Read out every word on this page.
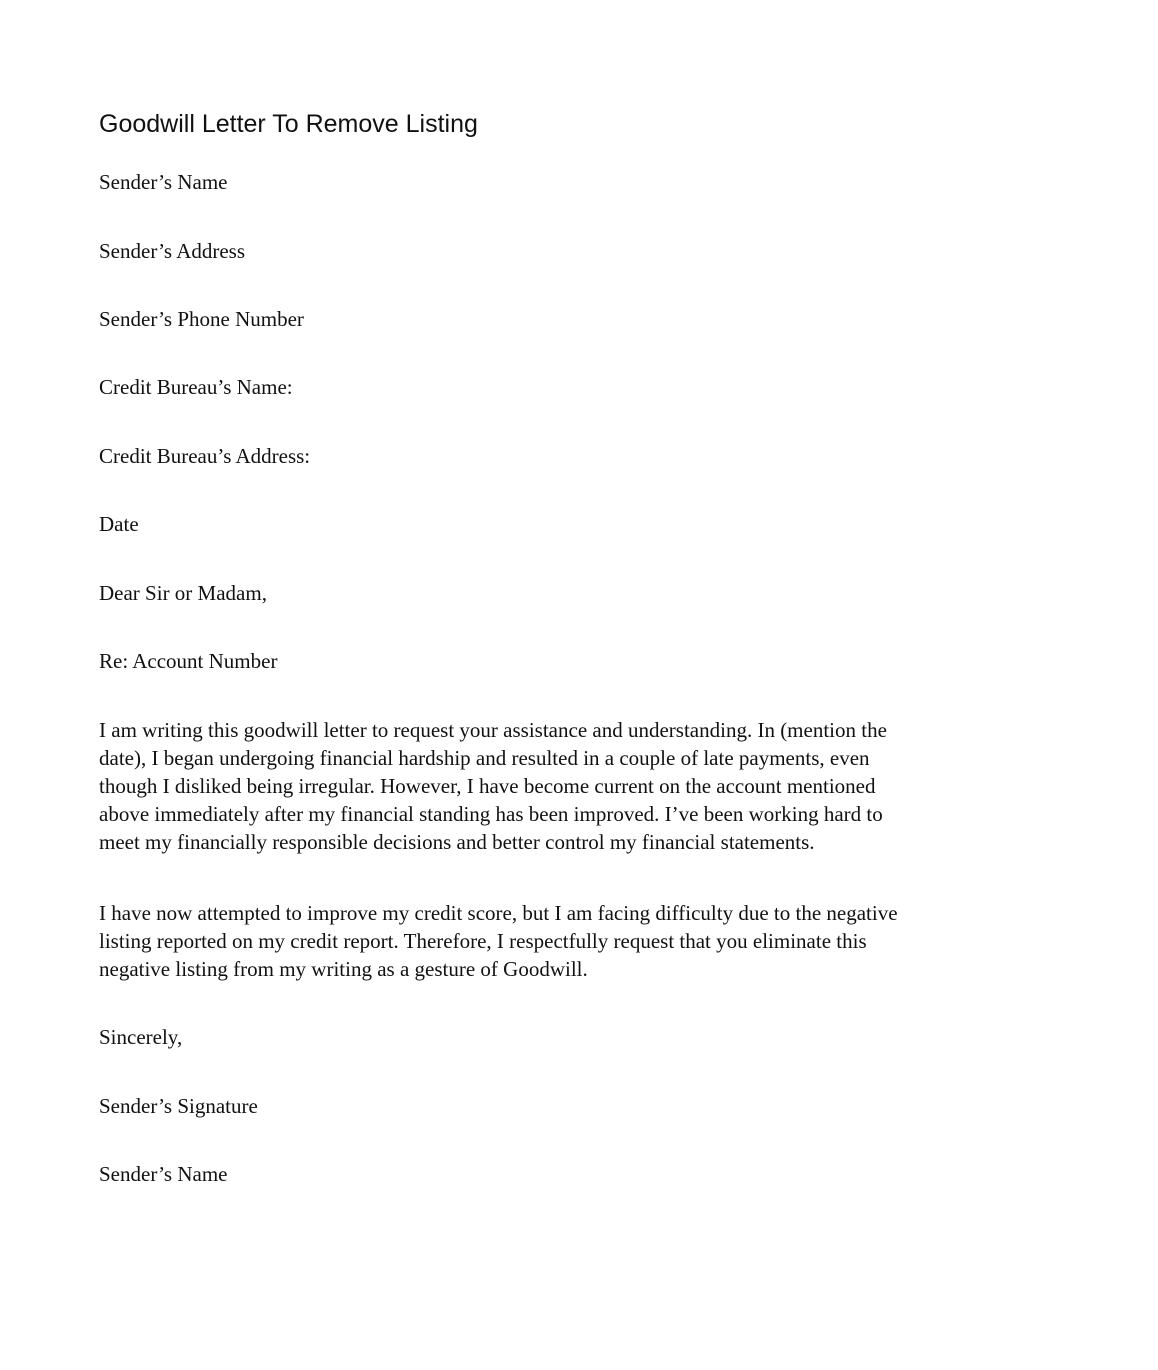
Goodwill Letter To Remove Listing

Sender’s Name

Sender’s Address

Sender’s Phone Number

Credit Bureau’s Name:

Credit Bureau’s Address:

Date

Dear Sir or Madam,

Re: Account Number

I am writing this goodwill letter to request your assistance and understanding. In (mention the
date), I began undergoing financial hardship and resulted in a couple of late payments, even
though I disliked being irregular. However, I have become current on the account mentioned
above immediately after my financial standing has been improved. I’ve been working hard to
meet my financially responsible decisions and better control my financial statements.
I have now attempted to improve my credit score, but I am facing difficulty due to the negative
listing reported on my credit report. Therefore, I respectfully request that you eliminate this
negative listing from my writing as a gesture of Goodwill.

Sincerely,

Sender’s Signature

Sender’s Name
